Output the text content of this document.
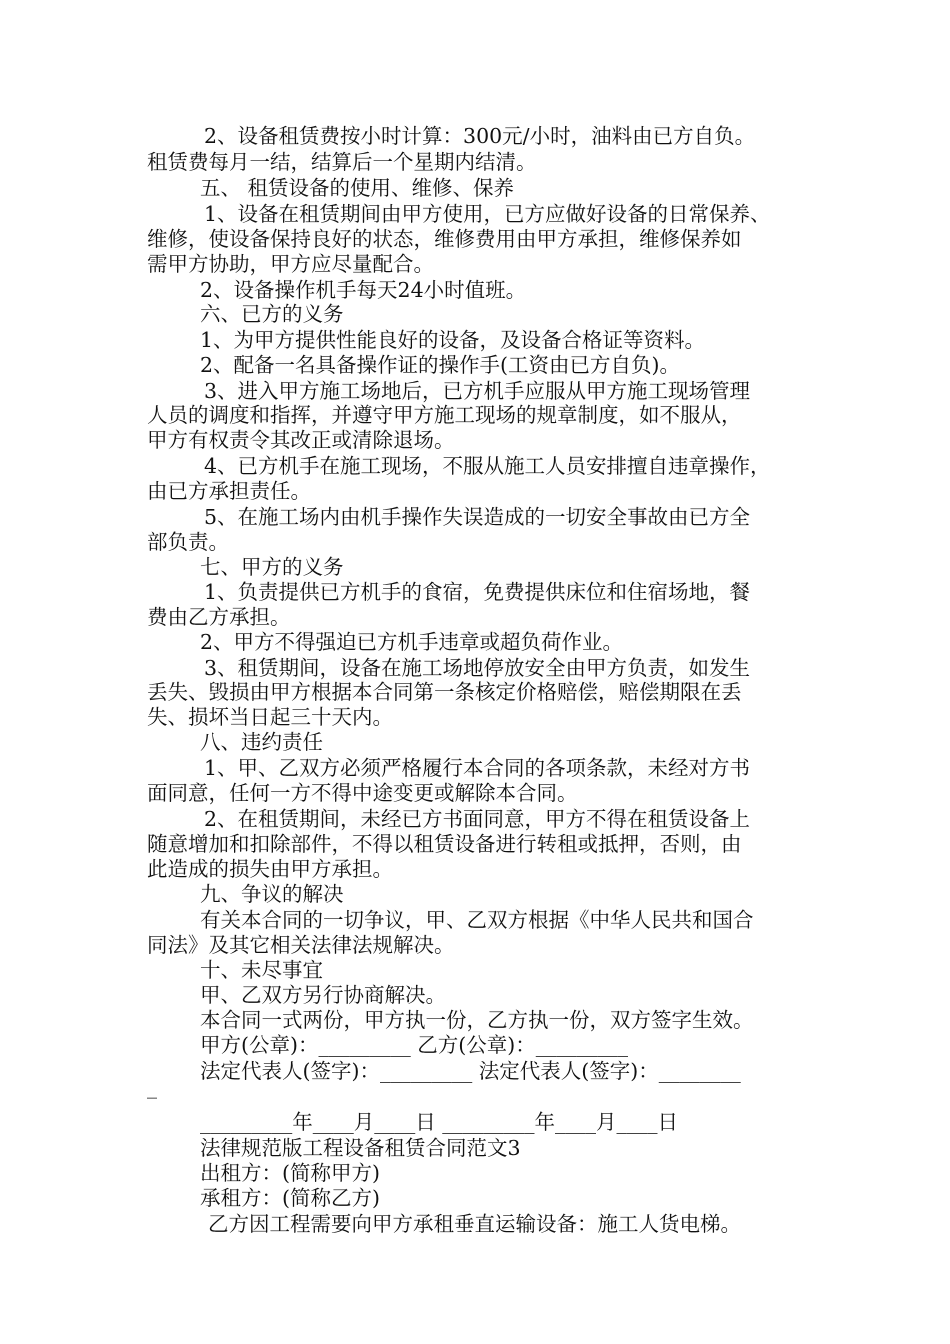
2、设备租赁费按小时计算：300元/小时，油料由已方自负。
租赁费每月一结，结算后一个星期内结清。
五、 租赁设备的使用、维修、保养
1、设备在租赁期间由甲方使用，已方应做好设备的日常保养、
维修，使设备保持良好的状态，维修费用由甲方承担，维修保养如
需甲方协助，甲方应尽量配合。
2、设备操作机手每天24小时值班。
六、已方的义务
1、为甲方提供性能良好的设备，及设备合格证等资料。
2、配备一名具备操作证的操作手(工资由已方自负)。
3、进入甲方施工场地后，已方机手应服从甲方施工现场管理
人员的调度和指挥，并遵守甲方施工现场的规章制度，如不服从，
甲方有权责令其改正或清除退场。
4、已方机手在施工现场，不服从施工人员安排擅自违章操作，
由已方承担责任。
5、在施工场内由机手操作失误造成的一切安全事故由已方全
部负责。
七、甲方的义务
1、负责提供已方机手的食宿，免费提供床位和住宿场地，餐
费由乙方承担。
2、甲方不得强迫已方机手违章或超负荷作业。
3、租赁期间，设备在施工场地停放安全由甲方负责，如发生
丢失、毁损由甲方根据本合同第一条核定价格赔偿，赔偿期限在丢
失、损坏当日起三十天内。
八、违约责任
1、甲、乙双方必须严格履行本合同的各项条款，未经对方书
面同意，任何一方不得中途变更或解除本合同。
2、在租赁期间，未经已方书面同意，甲方不得在租赁设备上
随意增加和扣除部件，不得以租赁设备进行转租或抵押，否则，由
此造成的损失由甲方承担。
九、争议的解决
有关本合同的一切争议，甲、乙双方根据《中华人民共和国合
同法》及其它相关法律法规解决。
十、未尽事宜
甲、乙双方另行协商解决。
本合同一式两份，甲方执一份，乙方执一份，双方签字生效。
甲方(公章)：_________ 乙方(公章)：_________
法定代表人(签字)：_________ 法定代表人(签字)：________
_
_________年____月____日 _________年____月____日
法律规范版工程设备租赁合同范文3
出租方：(简称甲方)
承租方：(简称乙方)
乙方因工程需要向甲方承租垂直运输设备：施工人货电梯。
